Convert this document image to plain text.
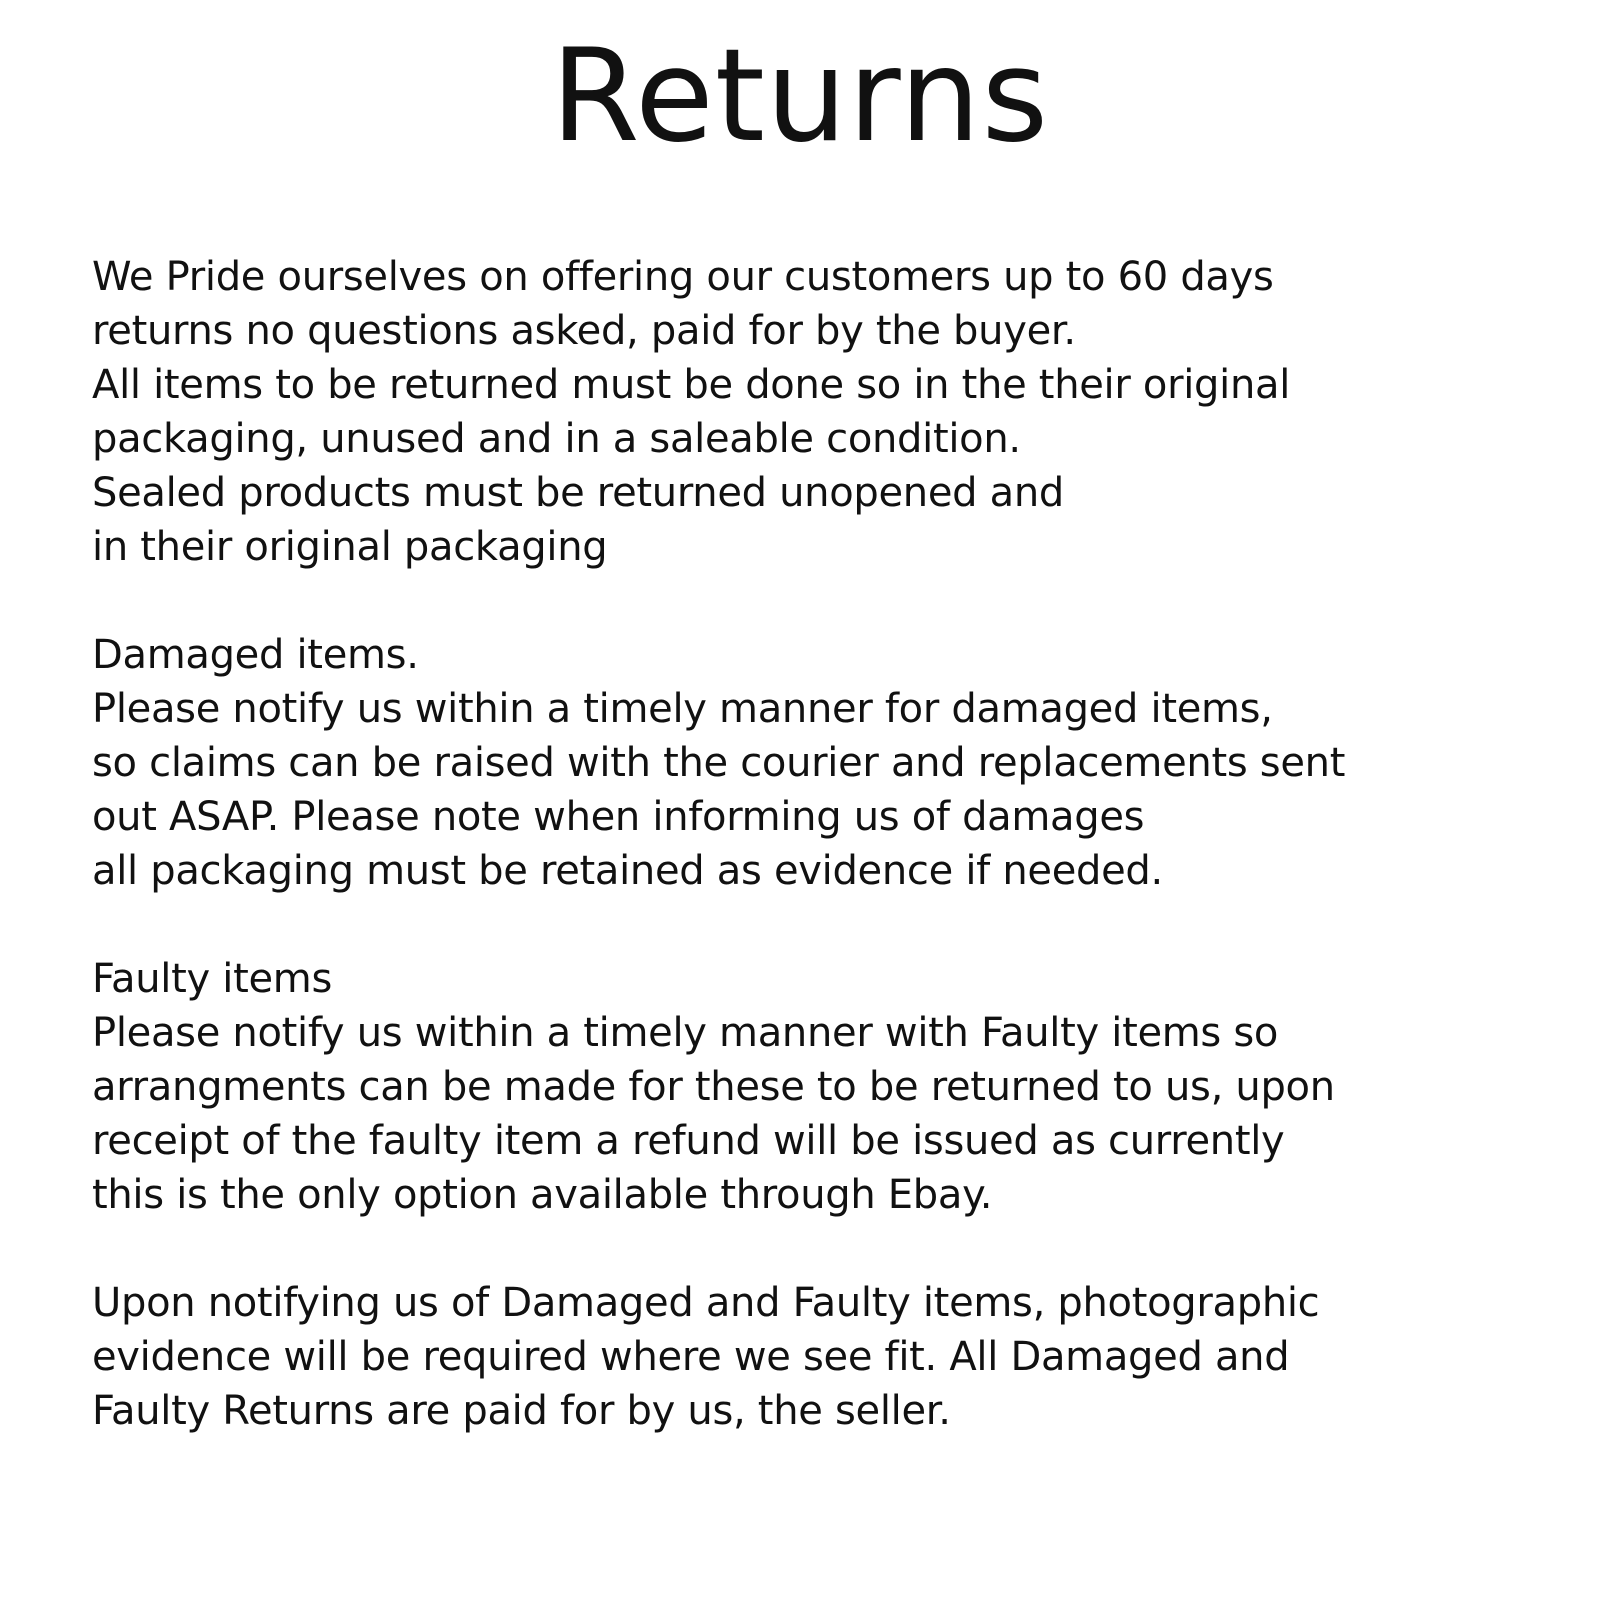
Returns
We Pride ourselves on offering our customers up to 60 days
returns no questions asked, paid for by the buyer.
All items to be returned must be done so in the their original
packaging, unused and in a saleable condition.
Sealed products must be returned unopened and
in their original packaging
Damaged items.
Please notify us within a timely manner for damaged items,
so claims can be raised with the courier and replacements sent
out ASAP. Please note when informing us of damages
all packaging must be retained as evidence if needed.
Faulty items
Please notify us within a timely manner with Faulty items so
arrangments can be made for these to be returned to us, upon
receipt of the faulty item a refund will be issued as currently
this is the only option available through Ebay.
Upon notifying us of Damaged and Faulty items, photographic
evidence will be required where we see fit. All Damaged and
Faulty Returns are paid for by us, the seller.
